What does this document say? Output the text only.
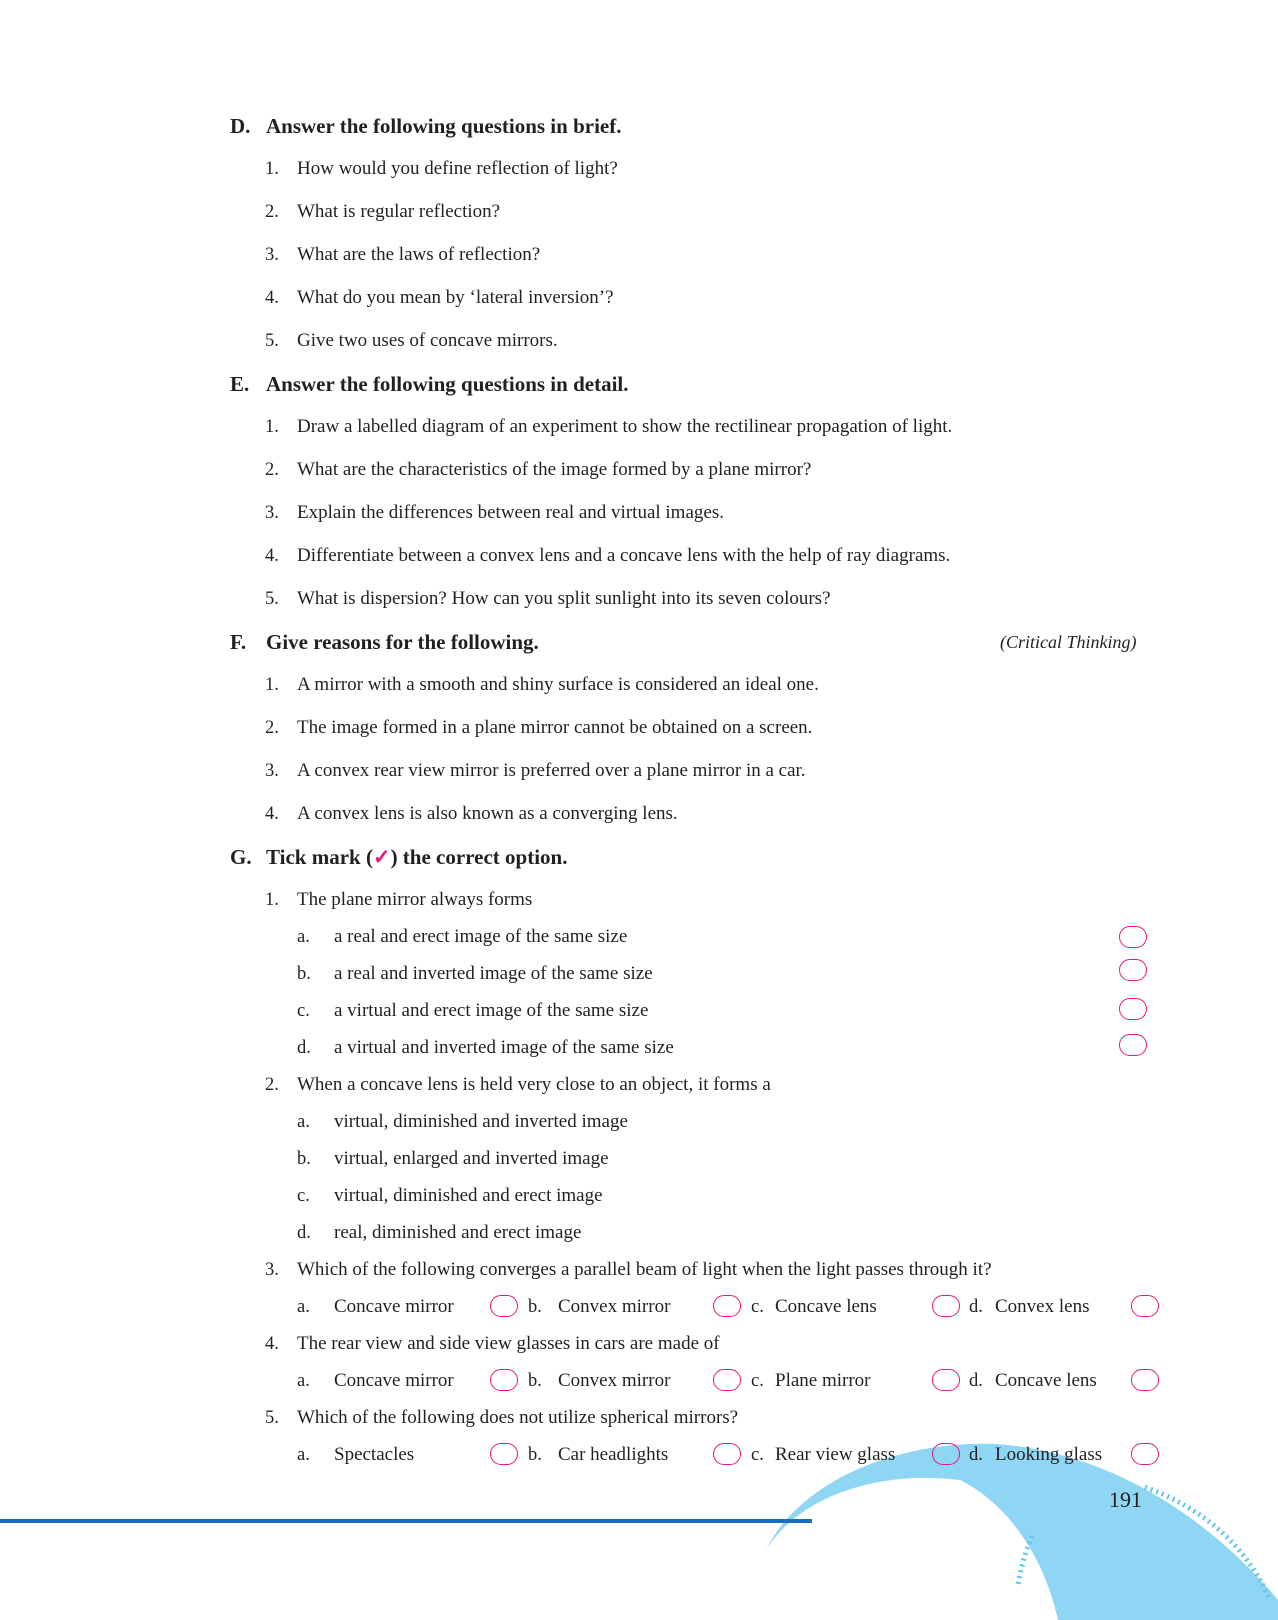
D. Answer the following questions in brief.
1. How would you define reflection of light?
2. What is regular reflection?
3. What are the laws of reflection?
4. What do you mean by ‘lateral inversion’?
5. Give two uses of concave mirrors.
E. Answer the following questions in detail.
1. Draw a labelled diagram of an experiment to show the rectilinear propagation of light.
2. What are the characteristics of the image formed by a plane mirror?
3. Explain the differences between real and virtual images.
4. Differentiate between a convex lens and a concave lens with the help of ray diagrams.
5. What is dispersion? How can you split sunlight into its seven colours?
F. Give reasons for the following.	(Critical Thinking)
1. A mirror with a smooth and shiny surface is considered an ideal one.
2. The image formed in a plane mirror cannot be obtained on a screen.
3. A convex rear view mirror is preferred over a plane mirror in a car.
4. A convex lens is also known as a converging lens.
G. Tick mark (✓) the correct option.
1. The plane mirror always forms
a. a real and erect image of the same size
b. a real and inverted image of the same size
c. a virtual and erect image of the same size
d. a virtual and inverted image of the same size
2. When a concave lens is held very close to an object, it forms a
a. virtual, diminished and inverted image
b. virtual, enlarged and inverted image
c. virtual, diminished and erect image
d. real, diminished and erect image
3. Which of the following converges a parallel beam of light when the light passes through it?
a. Concave mirror	b. Convex mirror	c. Concave lens	d. Convex lens
4. The rear view and side view glasses in cars are made of
a. Concave mirror	b. Convex mirror	c. Plane mirror	d. Concave lens
5. Which of the following does not utilize spherical mirrors?
a. Spectacles	b. Car headlights	c. Rear view glass	d. Looking glass
191
